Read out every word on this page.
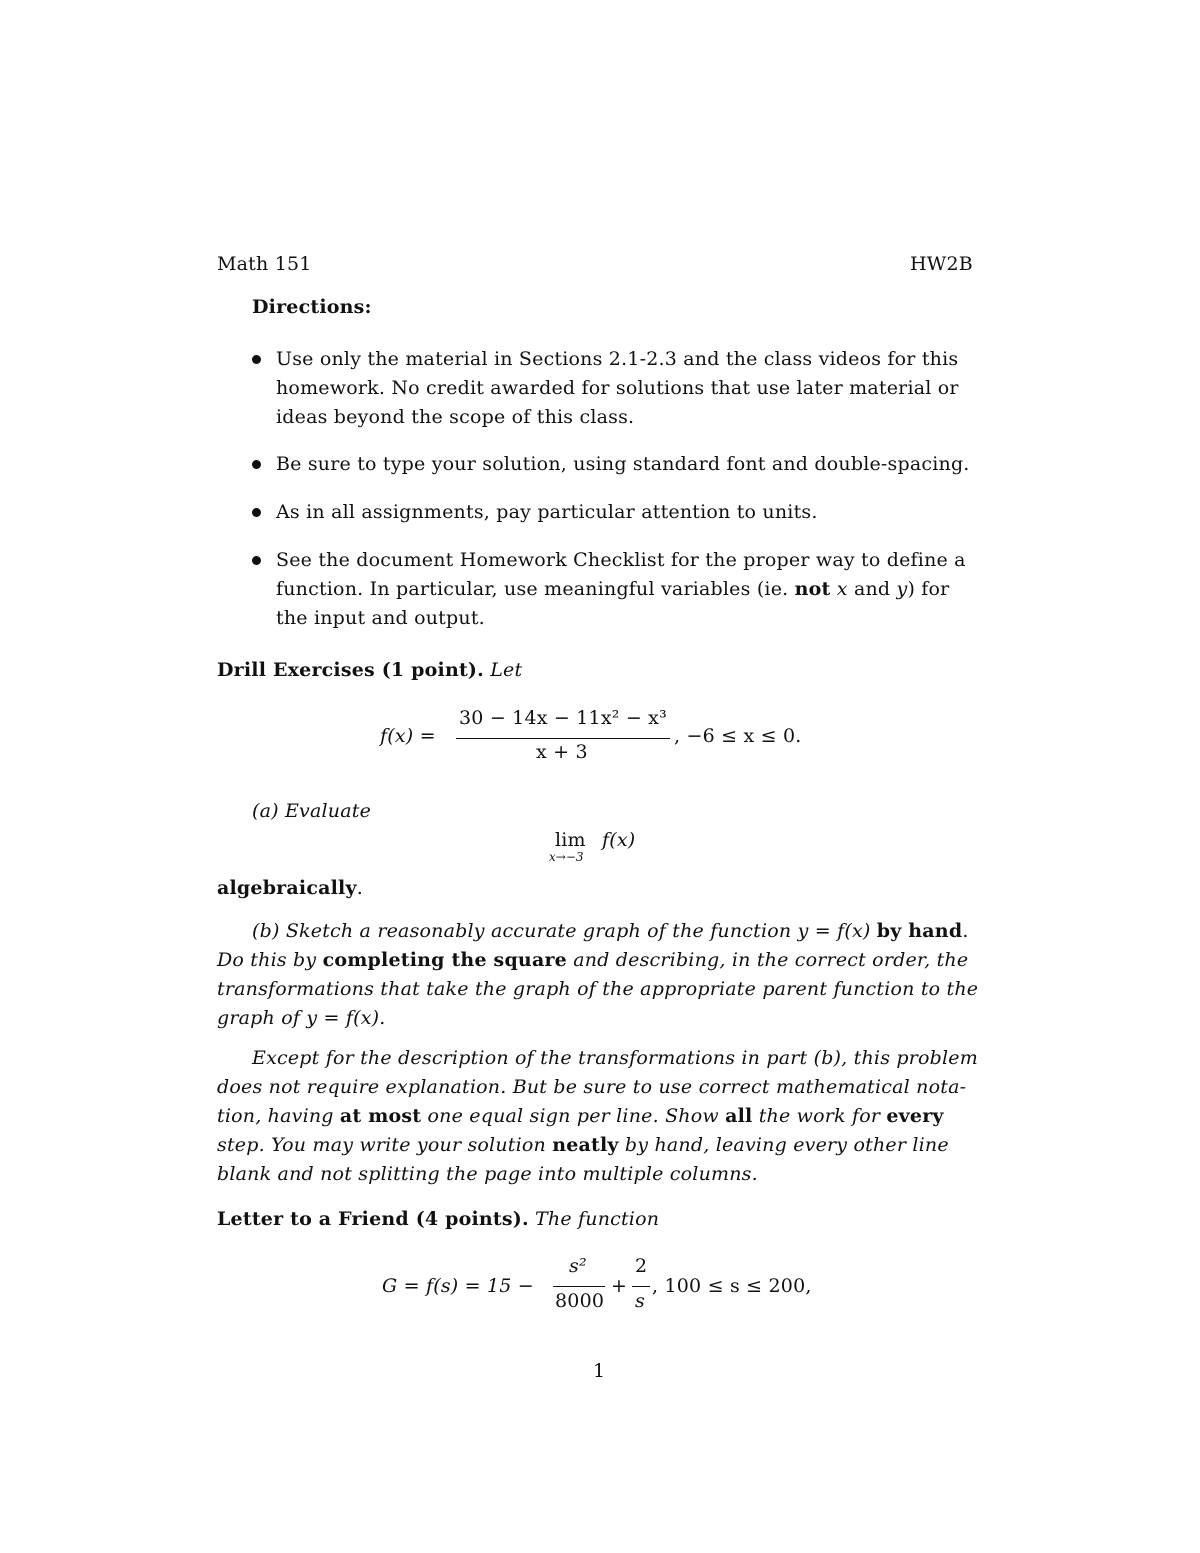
Math 151	HW2B
Directions:
Use only the material in Sections 2.1-2.3 and the class videos for this
homework. No credit awarded for solutions that use later material or
ideas beyond the scope of this class.
Be sure to type your solution, using standard font and double-spacing.
As in all assignments, pay particular attention to units.
See the document Homework Checklist for the proper way to define a
function. In particular, use meaningful variables (ie. not x and y) for
the input and output.
Drill Exercises (1 point). Let
f(x) =
30 − 14x − 11x² − x³
x + 3
, −6 ≤ x ≤ 0.
(a) Evaluate
lim
x→−3
f(x)
algebraically.
(b) Sketch a reasonably accurate graph of the function y = f(x) by hand.
Do this by completing the square and describing, in the correct order, the
transformations that take the graph of the appropriate parent function to the
graph of y = f(x).
Except for the description of the transformations in part (b), this problem
does not require explanation. But be sure to use correct mathematical nota-
tion, having at most one equal sign per line. Show all the work for every
step. You may write your solution neatly by hand, leaving every other line
blank and not splitting the page into multiple columns.
Letter to a Friend (4 points). The function
G = f(s) = 15 −
s²
8000
+
2
s
, 100 ≤ s ≤ 200,
1
